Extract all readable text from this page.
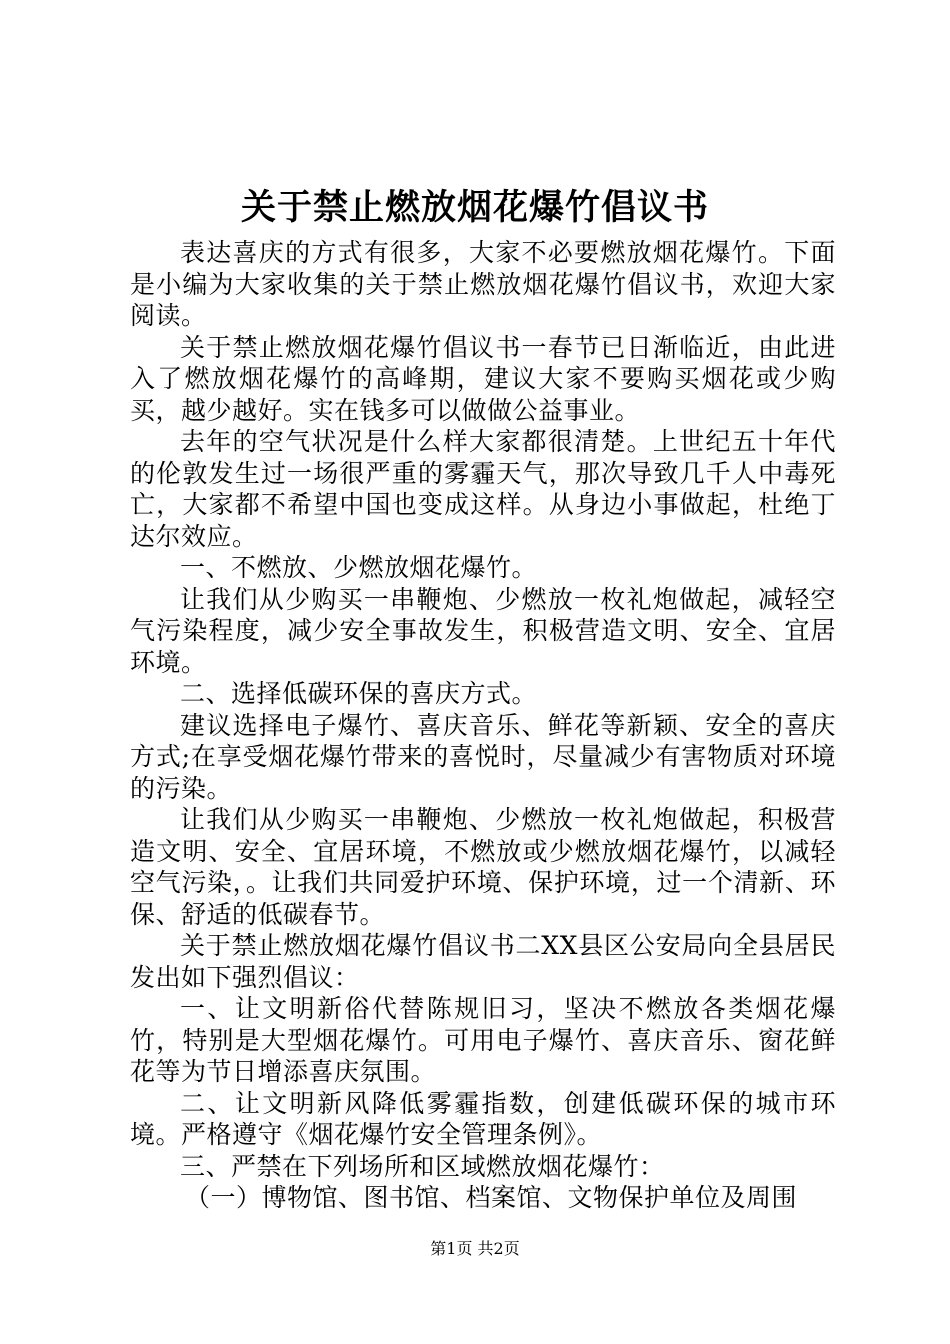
关于禁止燃放烟花爆竹倡议书

表达喜庆的方式有很多，大家不必要燃放烟花爆竹。下面是小编为大家收集的关于禁止燃放烟花爆竹倡议书，欢迎大家阅读。

关于禁止燃放烟花爆竹倡议书一春节已日渐临近，由此进入了燃放烟花爆竹的高峰期，建议大家不要购买烟花或少购买，越少越好。实在钱多可以做做公益事业。

去年的空气状况是什么样大家都很清楚。上世纪五十年代的伦敦发生过一场很严重的雾霾天气，那次导致几千人中毒死亡，大家都不希望中国也变成这样。从身边小事做起，杜绝丁达尔效应。

一、不燃放、少燃放烟花爆竹。

让我们从少购买一串鞭炮、少燃放一枚礼炮做起，减轻空气污染程度，减少安全事故发生，积极营造文明、安全、宜居环境。

二、选择低碳环保的喜庆方式。

建议选择电子爆竹、喜庆音乐、鲜花等新颖、安全的喜庆方式;在享受烟花爆竹带来的喜悦时，尽量减少有害物质对环境的污染。

让我们从少购买一串鞭炮、少燃放一枚礼炮做起，积极营造文明、安全、宜居环境，不燃放或少燃放烟花爆竹，以减轻空气污染，。让我们共同爱护环境、保护环境，过一个清新、环保、舒适的低碳春节。

关于禁止燃放烟花爆竹倡议书二XX县区公安局向全县居民发出如下强烈倡议：

一、让文明新俗代替陈规旧习，坚决不燃放各类烟花爆竹，特别是大型烟花爆竹。可用电子爆竹、喜庆音乐、窗花鲜花等为节日增添喜庆氛围。

二、让文明新风降低雾霾指数，创建低碳环保的城市环境。严格遵守《烟花爆竹安全管理条例》。

三、严禁在下列场所和区域燃放烟花爆竹：

（一）博物馆、图书馆、档案馆、文物保护单位及周围

第1页 共2页
